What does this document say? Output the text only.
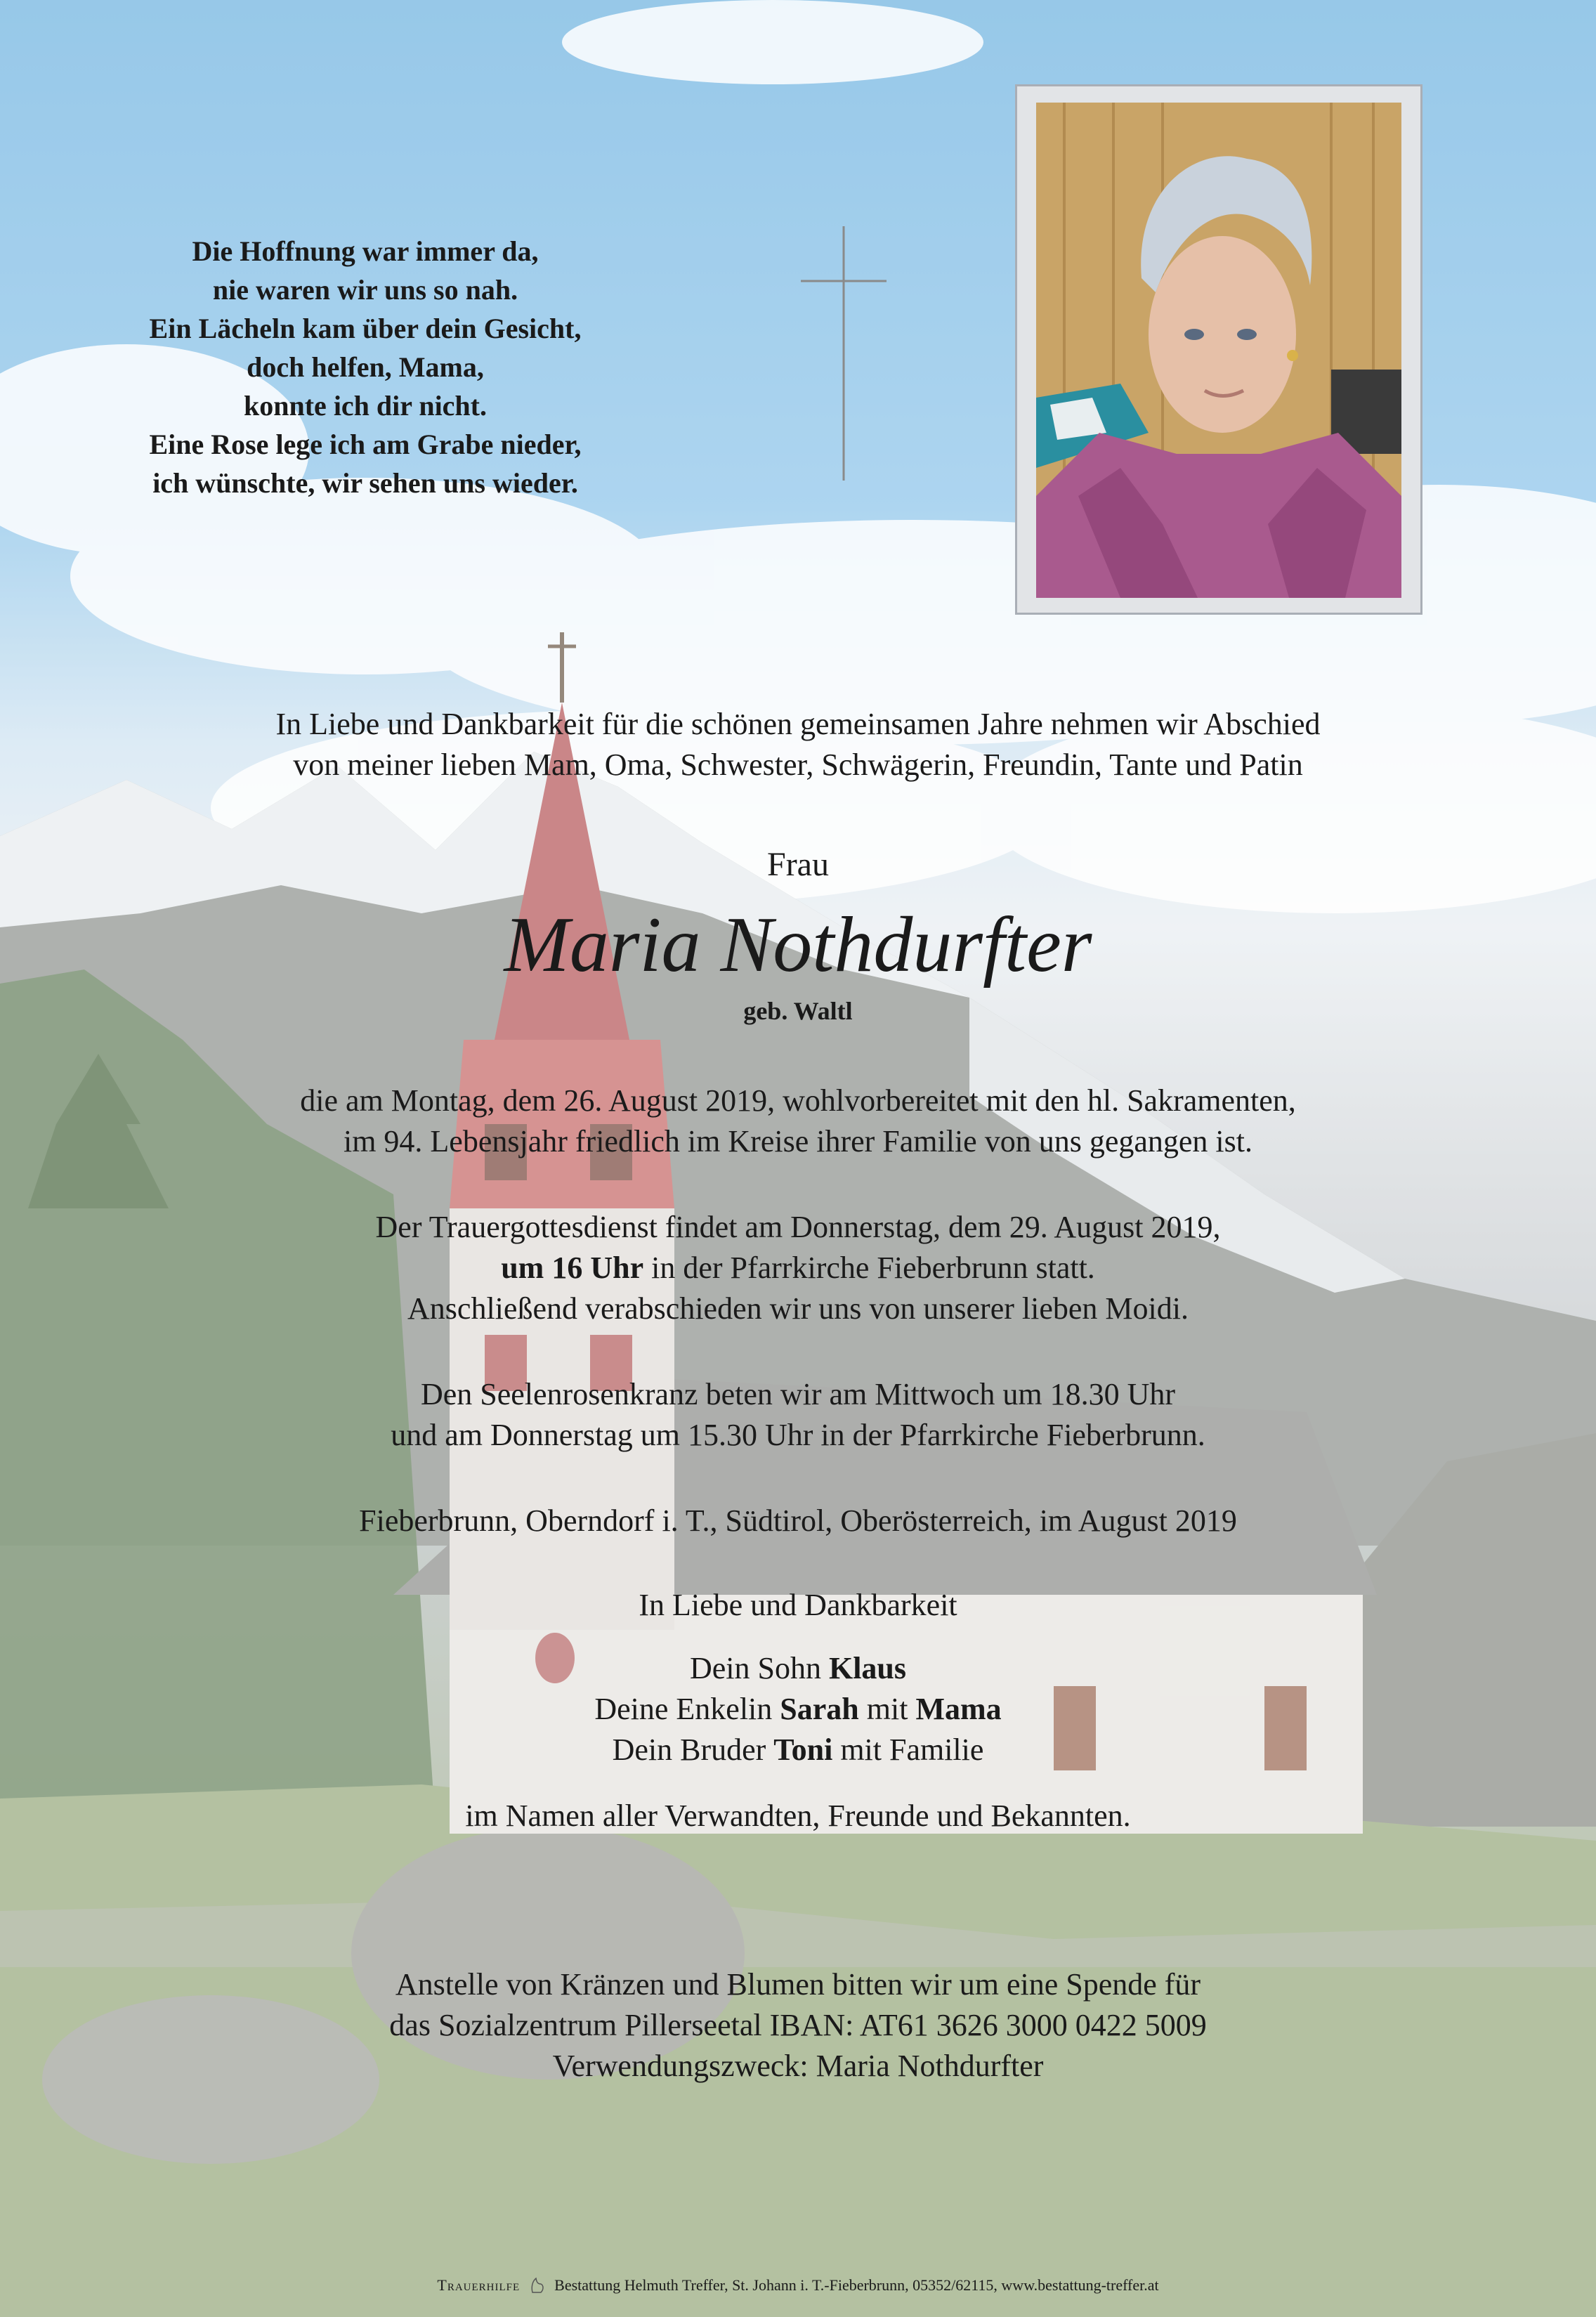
Die Hoffnung war immer da,
nie waren wir uns so nah.
Ein Lächeln kam über dein Gesicht,
doch helfen, Mama,
konnte ich dir nicht.
Eine Rose lege ich am Grabe nieder,
ich wünschte, wir sehen uns wieder.
In Liebe und Dankbarkeit für die schönen gemeinsamen Jahre nehmen wir Abschied
von meiner lieben Mam, Oma, Schwester, Schwägerin, Freundin, Tante und Patin
Frau
Maria Nothdurfter
geb. Waltl
die am Montag, dem 26. August 2019, wohlvorbereitet mit den hl. Sakramenten,
im 94. Lebensjahr friedlich im Kreise ihrer Familie von uns gegangen ist.
Der Trauergottesdienst findet am Donnerstag, dem 29. August 2019,
um 16 Uhr in der Pfarrkirche Fieberbrunn statt.
Anschließend verabschieden wir uns von unserer lieben Moidi.
Den Seelenrosenkranz beten wir am Mittwoch um 18.30 Uhr
und am Donnerstag um 15.30 Uhr in der Pfarrkirche Fieberbrunn.
Fieberbrunn, Oberndorf i. T., Südtirol, Oberösterreich, im August 2019
In Liebe und Dankbarkeit
Dein Sohn Klaus
Deine Enkelin Sarah mit Mama
Dein Bruder Toni mit Familie
im Namen aller Verwandten, Freunde und Bekannten.
Anstelle von Kränzen und Blumen bitten wir um eine Spende für
das Sozialzentrum Pillerseetal IBAN: AT61 3626 3000 0422 5009
Verwendungszweck: Maria Nothdurfter
Trauerhilfe Bestattung Helmuth Treffer, St. Johann i. T.-Fieberbrunn, 05352/62115, www.bestattung-treffer.at
